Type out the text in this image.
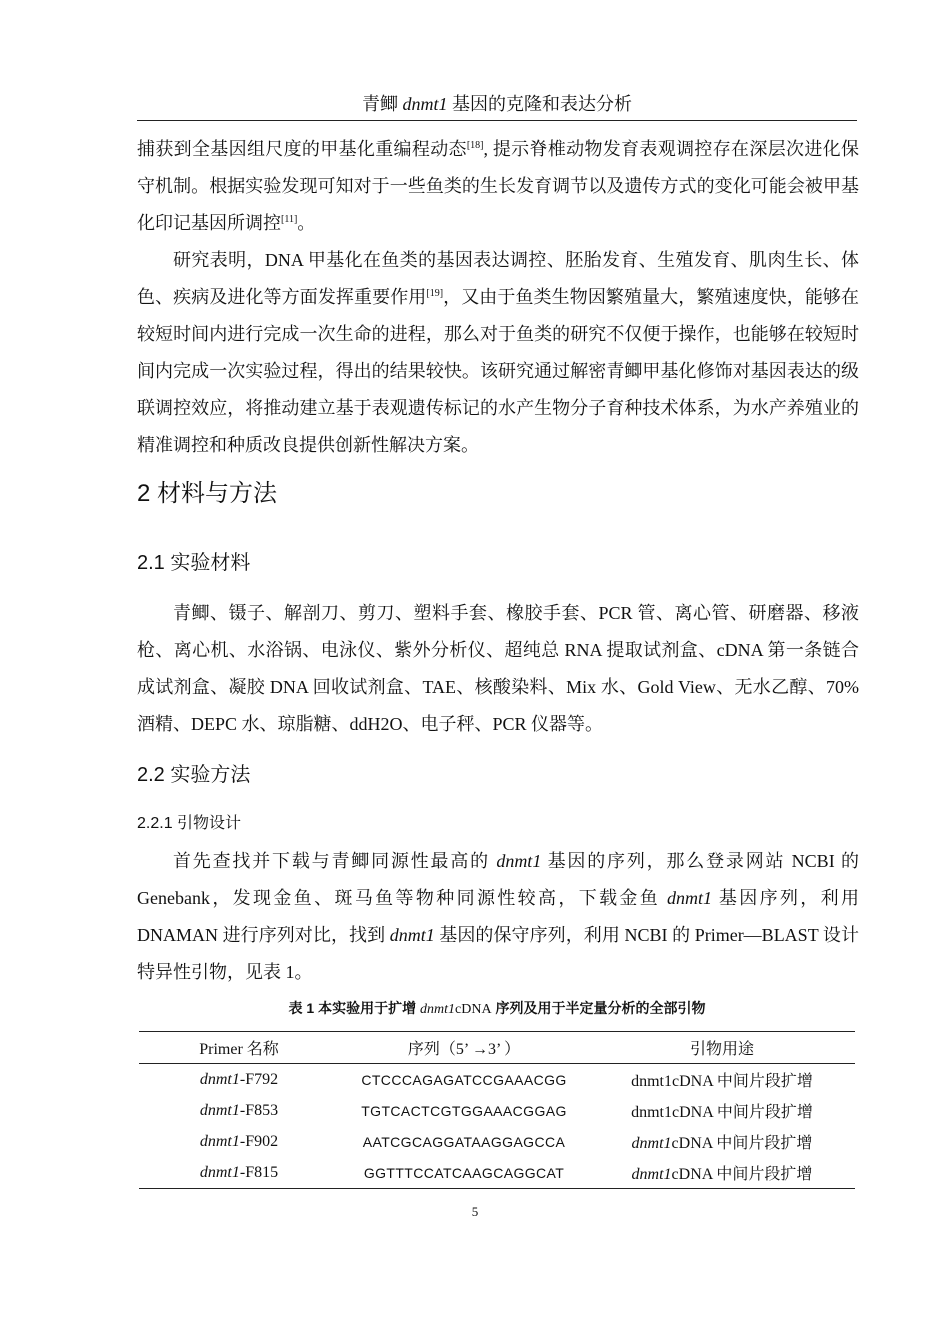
青鲫 dnmt1 基因的克隆和表达分析

捕获到全基因组尺度的甲基化重编程动态[18], 提示脊椎动物发育表观调控存在深层次进化保守机制。根据实验发现可知对于一些鱼类的生长发育调节以及遗传方式的变化可能会被甲基化印记基因所调控[11]。

研究表明，DNA 甲基化在鱼类的基因表达调控、胚胎发育、生殖发育、肌肉生长、体色、疾病及进化等方面发挥重要作用[19]，又由于鱼类生物因繁殖量大，繁殖速度快，能够在较短时间内进行完成一次生命的进程，那么对于鱼类的研究不仅便于操作，也能够在较短时间内完成一次实验过程，得出的结果较快。该研究通过解密青鲫甲基化修饰对基因表达的级联调控效应，将推动建立基于表观遗传标记的水产生物分子育种技术体系，为水产养殖业的精准调控和种质改良提供创新性解决方案。

2 材料与方法
2.1 实验材料

青鲫、镊子、解剖刀、剪刀、塑料手套、橡胶手套、PCR 管、离心管、研磨器、移液枪、离心机、水浴锅、电泳仪、紫外分析仪、超纯总 RNA 提取试剂盒、cDNA 第一条链合成试剂盒、凝胶 DNA 回收试剂盒、TAE、核酸染料、Mix 水、Gold View、无水乙醇、70%酒精、DEPC 水、琼脂糖、ddH2O、电子秤、PCR 仪器等。

2.2 实验方法
2.2.1 引物设计

首先查找并下载与青鲫同源性最高的 dnmt1 基因的序列，那么登录网站 NCBI 的 Genebank，发现金鱼、斑马鱼等物种同源性较高，下载金鱼 dnmt1 基因序列，利用 DNAMAN 进行序列对比，找到 dnmt1 基因的保守序列，利用 NCBI 的 Primer—BLAST 设计特异性引物，见表 1。

表 1 本实验用于扩增 dnmt1cDNA 序列及用于半定量分析的全部引物
Primer 名称	序列（5’ →3’ ）	引物用途
dnmt1-F792	CTCCCAGAGATCCGAAACGG	dnmt1cDNA 中间片段扩增
dnmt1-F853	TGTCACTCGTGGAAACGGAG	dnmt1cDNA 中间片段扩增
dnmt1-F902	AATCGCAGGATAAGGAGCCA	dnmt1cDNA 中间片段扩增
dnmt1-F815	GGTTTCCATCAAGCAGGCAT	dnmt1cDNA 中间片段扩增
5
